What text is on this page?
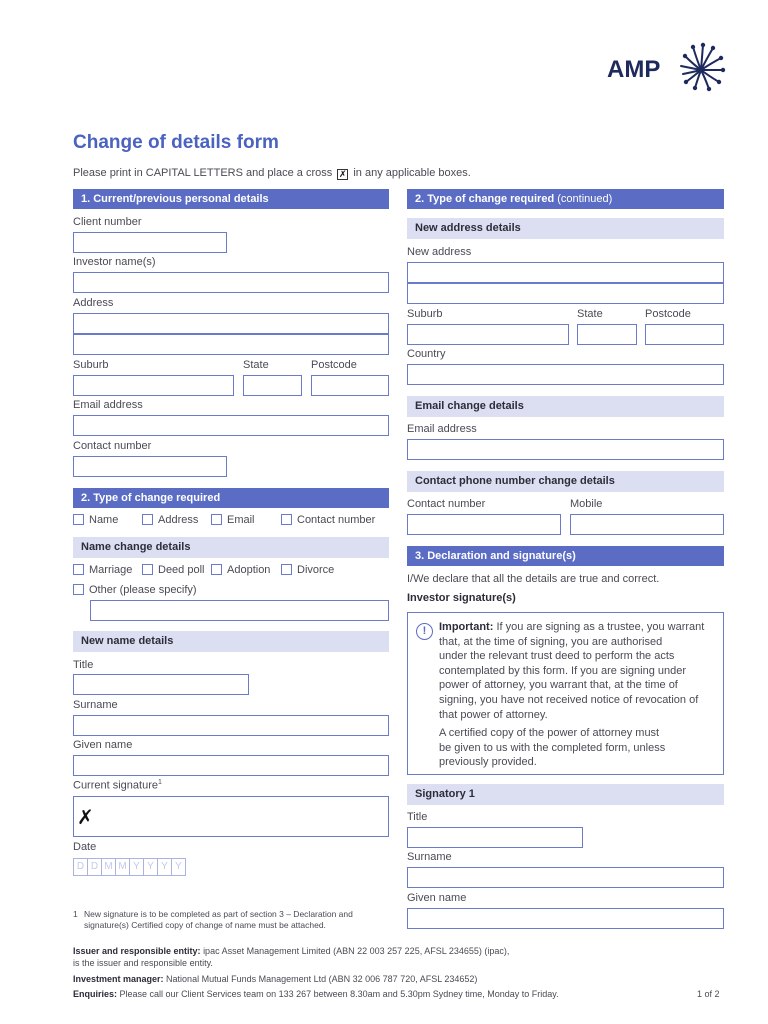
AMP
Change of details form
Please print in CAPITAL LETTERS and place a cross ✗ in any applicable boxes.
1. Current/previous personal details
Client number
Investor name(s)
Address
Suburb	State	Postcode
Email address
Contact number
2. Type of change required
Name	Address	Email	Contact number
Name change details
Marriage	Deed poll	Adoption	Divorce
Other (please specify)
New name details
Title
Surname
Given name
Current signature$^1$
✗
Date
D D M M Y Y Y Y
1 New signature is to be completed as part of section 3 – Declaration and
signature(s) Certified copy of change of name must be attached.
2. Type of change required (continued)
New address details
New address
Suburb	State	Postcode
Country
Email change details
Email address
Contact phone number change details
Contact number	Mobile
3. Declaration and signature(s)
I/We declare that all the details are true and correct.
Investor signature(s)
!	Important: If you are signing as a trustee, you warrant
that, at the time of signing, you are authorised
under the relevant trust deed to perform the acts
contemplated by this form. If you are signing under
power of attorney, you warrant that, at the time of
signing, you have not received notice of revocation of
that power of attorney.
A certified copy of the power of attorney must
be given to us with the completed form, unless
previously provided.
Signatory 1
Title
Surname
Given name
Issuer and responsible entity: ipac Asset Management Limited (ABN 22 003 257 225, AFSL 234655) (ipac),
is the issuer and responsible entity.
Investment manager: National Mutual Funds Management Ltd (ABN 32 006 787 720, AFSL 234652)
Enquiries: Please call our Client Services team on 133 267 between 8.30am and 5.30pm Sydney time, Monday to Friday.	1 of 2
